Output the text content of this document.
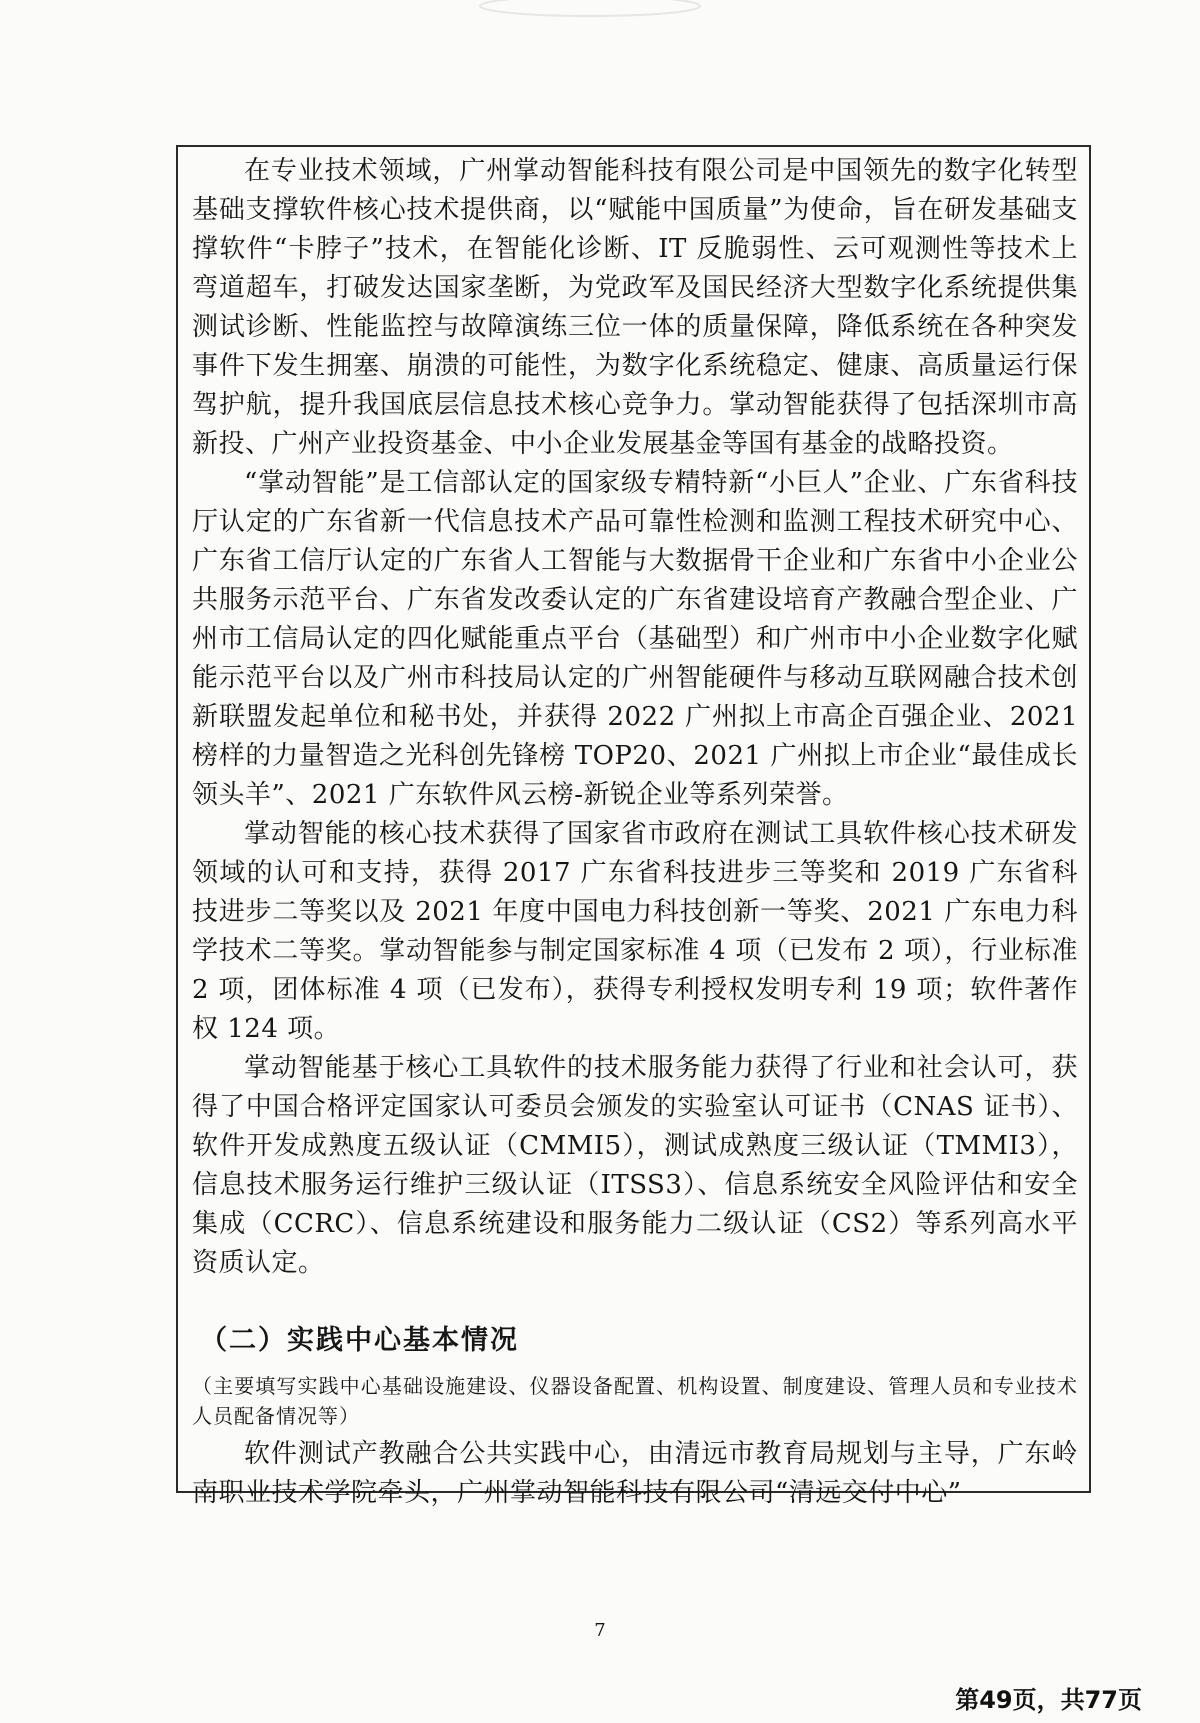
在专业技术领域，广州掌动智能科技有限公司是中国领先的数字化转型基础支撑软件核心技术提供商，以“赋能中国质量”为使命，旨在研发基础支撑软件“卡脖子”技术，在智能化诊断、IT 反脆弱性、云可观测性等技术上弯道超车，打破发达国家垄断，为党政军及国民经济大型数字化系统提供集测试诊断、性能监控与故障演练三位一体的质量保障，降低系统在各种突发事件下发生拥塞、崩溃的可能性，为数字化系统稳定、健康、高质量运行保驾护航，提升我国底层信息技术核心竞争力。掌动智能获得了包括深圳市高新投、广州产业投资基金、中小企业发展基金等国有基金的战略投资。

“掌动智能”是工信部认定的国家级专精特新“小巨人”企业、广东省科技厅认定的广东省新一代信息技术产品可靠性检测和监测工程技术研究中心、广东省工信厅认定的广东省人工智能与大数据骨干企业和广东省中小企业公共服务示范平台、广东省发改委认定的广东省建设培育产教融合型企业、广州市工信局认定的四化赋能重点平台（基础型）和广州市中小企业数字化赋能示范平台以及广州市科技局认定的广州智能硬件与移动互联网融合技术创新联盟发起单位和秘书处，并获得 2022 广州拟上市高企百强企业、2021 榜样的力量智造之光科创先锋榜 TOP20、2021 广州拟上市企业“最佳成长领头羊”、2021 广东软件风云榜-新锐企业等系列荣誉。

掌动智能的核心技术获得了国家省市政府在测试工具软件核心技术研发领域的认可和支持，获得 2017 广东省科技进步三等奖和 2019 广东省科技进步二等奖以及 2021 年度中国电力科技创新一等奖、2021 广东电力科学技术二等奖。掌动智能参与制定国家标准 4 项（已发布 2 项），行业标准 2 项，团体标准 4 项（已发布），获得专利授权发明专利 19 项；软件著作权 124 项。

掌动智能基于核心工具软件的技术服务能力获得了行业和社会认可，获得了中国合格评定国家认可委员会颁发的实验室认可证书（CNAS 证书）、软件开发成熟度五级认证（CMMI5），测试成熟度三级认证（TMMI3），信息技术服务运行维护三级认证（ITSS3）、信息系统安全风险评估和安全集成（CCRC）、信息系统建设和服务能力二级认证（CS2）等系列高水平资质认定。

（二）实践中心基本情况
（主要填写实践中心基础设施建设、仪器设备配置、机构设置、制度建设、管理人员和专业技术人员配备情况等）

软件测试产教融合公共实践中心，由清远市教育局规划与主导，广东岭南职业技术学院牵头，广州掌动智能科技有限公司“清远交付中心”

7
第49页，共77页
